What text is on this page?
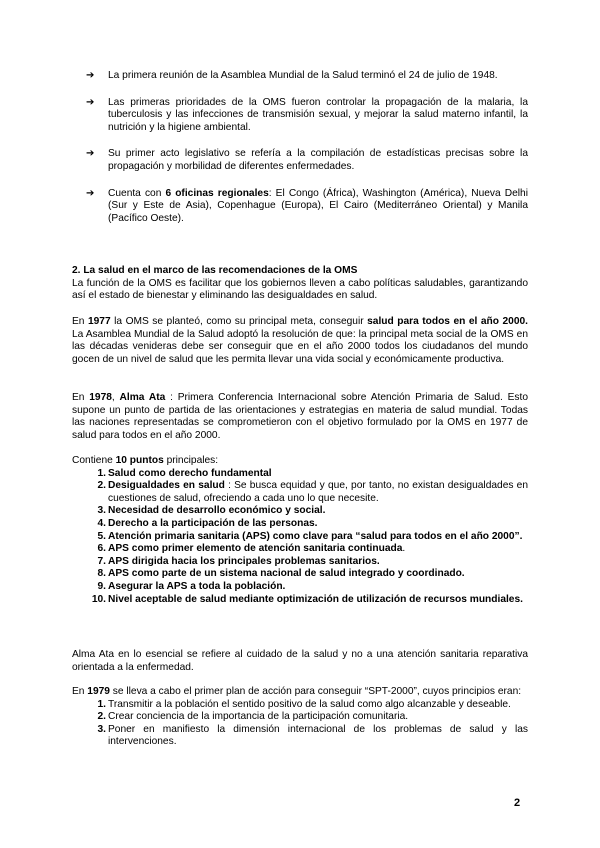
➔ La primera reunión de la Asamblea Mundial de la Salud terminó el 24 de julio de 1948.
➔ Las primeras prioridades de la OMS fueron controlar la propagación de la malaria, la tuberculosis y las infecciones de transmisión sexual, y mejorar la salud materno infantil, la nutrición y la higiene ambiental.
➔ Su primer acto legislativo se refería a la compilación de estadísticas precisas sobre la propagación y morbilidad de diferentes enfermedades.
➔ Cuenta con 6 oficinas regionales: El Congo (África), Washington (América), Nueva Delhi (Sur y Este de Asia), Copenhague (Europa), El Cairo (Mediterráneo Oriental) y Manila (Pacífico Oeste).
2. La salud en el marco de las recomendaciones de la OMS
La función de la OMS es facilitar que los gobiernos lleven a cabo políticas saludables, garantizando así el estado de bienestar y eliminando las desigualdades en salud.
En 1977 la OMS se planteó, como su principal meta, conseguir salud para todos en el año 2000. La Asamblea Mundial de la Salud adoptó la resolución de que: la principal meta social de la OMS en las décadas venideras debe ser conseguir que en el año 2000 todos los ciudadanos del mundo gocen de un nivel de salud que les permita llevar una vida social y económicamente productiva.
En 1978, Alma Ata : Primera Conferencia Internacional sobre Atención Primaria de Salud. Esto supone un punto de partida de las orientaciones y estrategias en materia de salud mundial. Todas las naciones representadas se comprometieron con el objetivo formulado por la OMS en 1977 de salud para todos en el año 2000.
Contiene 10 puntos principales:
1. Salud como derecho fundamental
2. Desigualdades en salud : Se busca equidad y que, por tanto, no existan desigualdades en cuestiones de salud, ofreciendo a cada uno lo que necesite.
3. Necesidad de desarrollo económico y social.
4. Derecho a la participación de las personas.
5. Atención primaria sanitaria (APS) como clave para “salud para todos en el año 2000”.
6. APS como primer elemento de atención sanitaria continuada.
7. APS dirigida hacia los principales problemas sanitarios.
8. APS como parte de un sistema nacional de salud integrado y coordinado.
9. Asegurar la APS a toda la población.
10. Nivel aceptable de salud mediante optimización de utilización de recursos mundiales.
Alma Ata en lo esencial se refiere al cuidado de la salud y no a una atención sanitaria reparativa orientada a la enfermedad.
En 1979 se lleva a cabo el primer plan de acción para conseguir “SPT-2000”, cuyos principios eran:
1. Transmitir a la población el sentido positivo de la salud como algo alcanzable y deseable.
2. Crear conciencia de la importancia de la participación comunitaria.
3. Poner en manifiesto la dimensión internacional de los problemas de salud y las intervenciones.
2
